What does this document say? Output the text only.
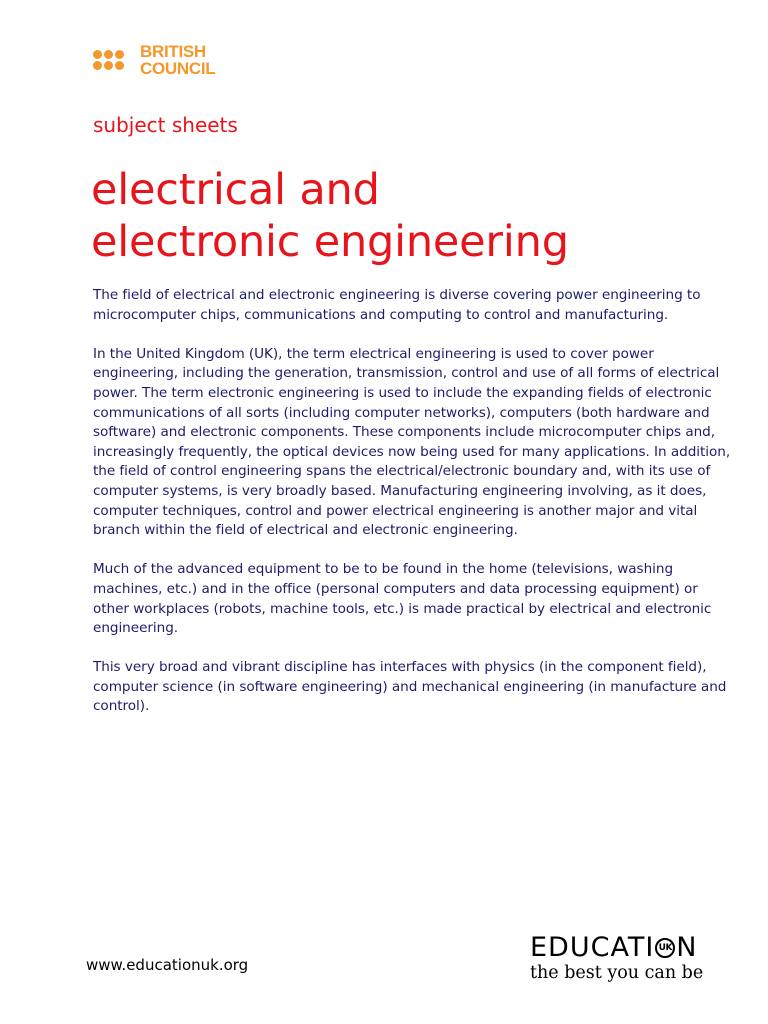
BRITISH
COUNCIL
subject sheets
electrical and
electronic engineering

The field of electrical and electronic engineering is diverse covering power engineering to microcomputer chips, communications and computing to control and manufacturing.

In the United Kingdom (UK), the term electrical engineering is used to cover power engineering, including the generation, transmission, control and use of all forms of electrical power. The term electronic engineering is used to include the expanding fields of electronic communications of all sorts (including computer networks), computers (both hardware and software) and electronic components. These components include microcomputer chips and, increasingly frequently, the optical devices now being used for many applications. In addition, the field of control engineering spans the electrical/electronic boundary and, with its use of computer systems, is very broadly based. Manufacturing engineering involving, as it does, computer techniques, control and power electrical engineering is another major and vital branch within the field of electrical and electronic engineering.

Much of the advanced equipment to be to be found in the home (televisions, washing machines, etc.) and in the office (personal computers and data processing equipment) or other workplaces (robots, machine tools, etc.) is made practical by electrical and electronic engineering.

This very broad and vibrant discipline has interfaces with physics (in the component field), computer science (in software engineering) and mechanical engineering (in manufacture and control).

www.educationuk.org
EDUCATI UK N
the best you can be
